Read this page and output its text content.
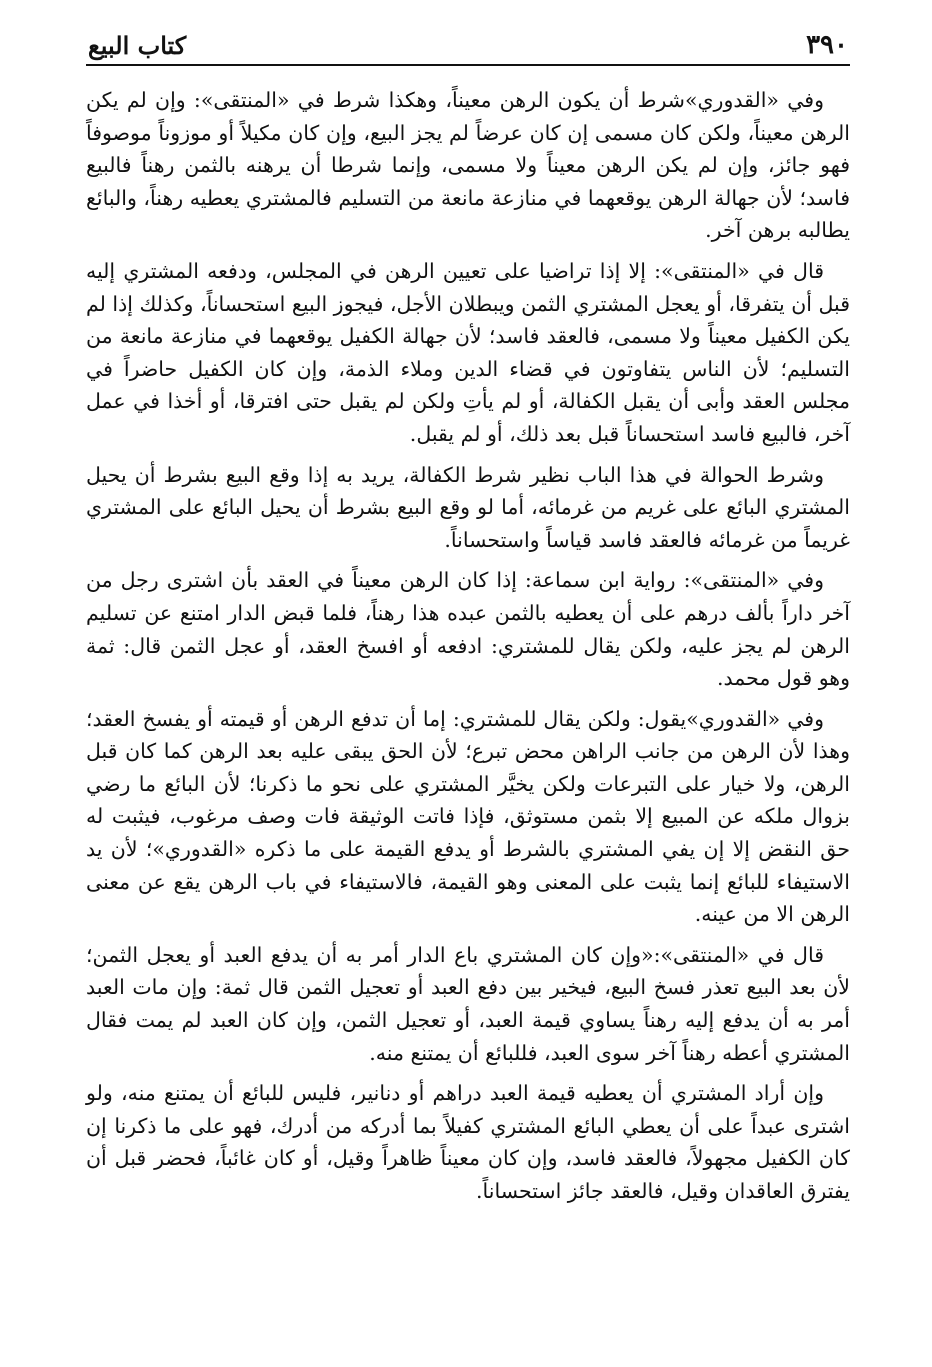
٣٩٠
كتاب البيع

وفي «القدوري»شرط أن يكون الرهن معيناً، وهكذا شرط في «المنتقى»: وإن لم يكن الرهن معيناً، ولكن كان مسمى إن كان عرضاً لم يجز البيع، وإن كان مكيلاً أو موزوناً موصوفاً فهو جائز، وإن لم يكن الرهن معيناً ولا مسمى، وإنما شرطا أن يرهنه بالثمن رهناً فالبيع فاسد؛ لأن جهالة الرهن يوقعهما في منازعة مانعة من التسليم فالمشتري يعطيه رهناً، والبائع يطالبه برهن آخر.

قال في «المنتقى»: إلا إذا تراضيا على تعيين الرهن في المجلس، ودفعه المشتري إليه قبل أن يتفرقا، أو يعجل المشتري الثمن ويبطلان الأجل، فيجوز البيع استحساناً، وكذلك إذا لم يكن الكفيل معيناً ولا مسمى، فالعقد فاسد؛ لأن جهالة الكفيل يوقعهما في منازعة مانعة من التسليم؛ لأن الناس يتفاوتون في قضاء الدين وملاء الذمة، وإن كان الكفيل حاضراً في مجلس العقد وأبى أن يقبل الكفالة، أو لم يأتِ ولكن لم يقبل حتى افترقا، أو أخذا في عمل آخر، فالبيع فاسد استحساناً قبل بعد ذلك، أو لم يقبل.

وشرط الحوالة في هذا الباب نظير شرط الكفالة، يريد به إذا وقع البيع بشرط أن يحيل المشتري البائع على غريم من غرمائه، أما لو وقع البيع بشرط أن يحيل البائع على المشتري غريماً من غرمائه فالعقد فاسد قياساً واستحساناً.

وفي «المنتقى»: رواية ابن سماعة: إذا كان الرهن معيناً في العقد بأن اشترى رجل من آخر داراً بألف درهم على أن يعطيه بالثمن عبده هذا رهناً، فلما قبض الدار امتنع عن تسليم الرهن لم يجز عليه، ولكن يقال للمشتري: ادفعه أو افسخ العقد، أو عجل الثمن قال: ثمة وهو قول محمد.

وفي «القدوري»يقول: ولكن يقال للمشتري: إما أن تدفع الرهن أو قيمته أو يفسخ العقد؛ وهذا لأن الرهن من جانب الراهن محض تبرع؛ لأن الحق يبقى عليه بعد الرهن كما كان قبل الرهن، ولا خيار على التبرعات ولكن يخيَّر المشتري على نحو ما ذكرنا؛ لأن البائع ما رضي بزوال ملكه عن المبيع إلا بثمن مستوثق، فإذا فاتت الوثيقة فات وصف مرغوب، فيثبت له حق النقض إلا إن يفي المشتري بالشرط أو يدفع القيمة على ما ذكره «القدوري»؛ لأن يد الاستيفاء للبائع إنما يثبت على المعنى وهو القيمة، فالاستيفاء في باب الرهن يقع عن معنى الرهن الا من عينه.

قال في «المنتقى»:«وإن كان المشتري باع الدار أمر به أن يدفع العبد أو يعجل الثمن؛ لأن بعد البيع تعذر فسخ البيع، فيخير بين دفع العبد أو تعجيل الثمن قال ثمة: وإن مات العبد أمر به أن يدفع إليه رهناً يساوي قيمة العبد، أو تعجيل الثمن، وإن كان العبد لم يمت فقال المشتري أعطه رهناً آخر سوى العبد، فللبائع أن يمتنع منه.

وإن أراد المشتري أن يعطيه قيمة العبد دراهم أو دنانير، فليس للبائع أن يمتنع منه، ولو اشترى عبداً على أن يعطي البائع المشتري كفيلاً بما أدركه من أدرك، فهو على ما ذكرنا إن كان الكفيل مجهولاً، فالعقد فاسد، وإن كان معيناً ظاهراً وقيل، أو كان غائباً، فحضر قبل أن يفترق العاقدان وقيل، فالعقد جائز استحساناً.
